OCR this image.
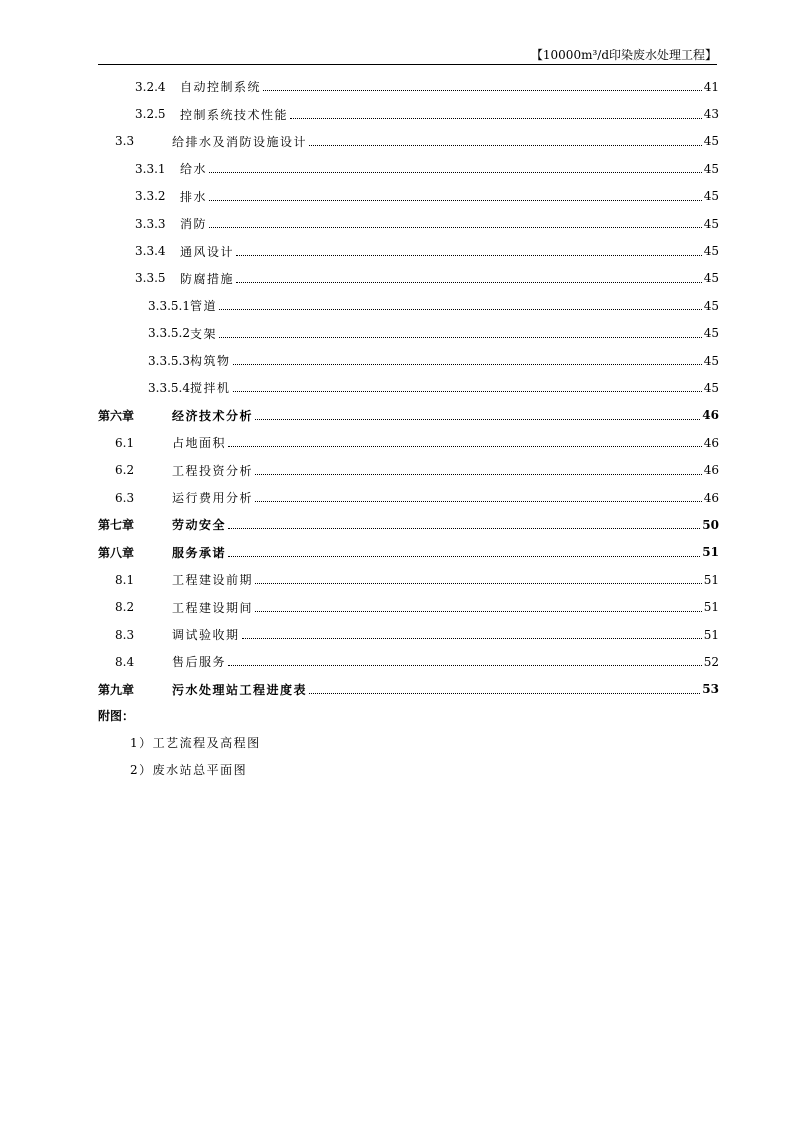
【10000m³/d印染废水处理工程】
3.2.4	自动控制系统	41
3.2.5	控制系统技术性能	43
3.3	给排水及消防设施设计	45
3.3.1	给水	45
3.3.2	排水	45
3.3.3	消防	45
3.3.4	通风设计	45
3.3.5	防腐措施	45
3.3.5.1 管道	45
3.3.5.2 支架	45
3.3.5.3 构筑物	45
3.3.5.4 搅拌机	45
第六章	经济技术分析	46
6.1	占地面积	46
6.2	工程投资分析	46
6.3	运行费用分析	46
第七章	劳动安全	50
第八章	服务承诺	51
8.1	工程建设前期	51
8.2	工程建设期间	51
8.3	调试验收期	51
8.4	售后服务	52
第九章	污水处理站工程进度表	53
附图：
1）工艺流程及高程图
2）废水站总平面图
